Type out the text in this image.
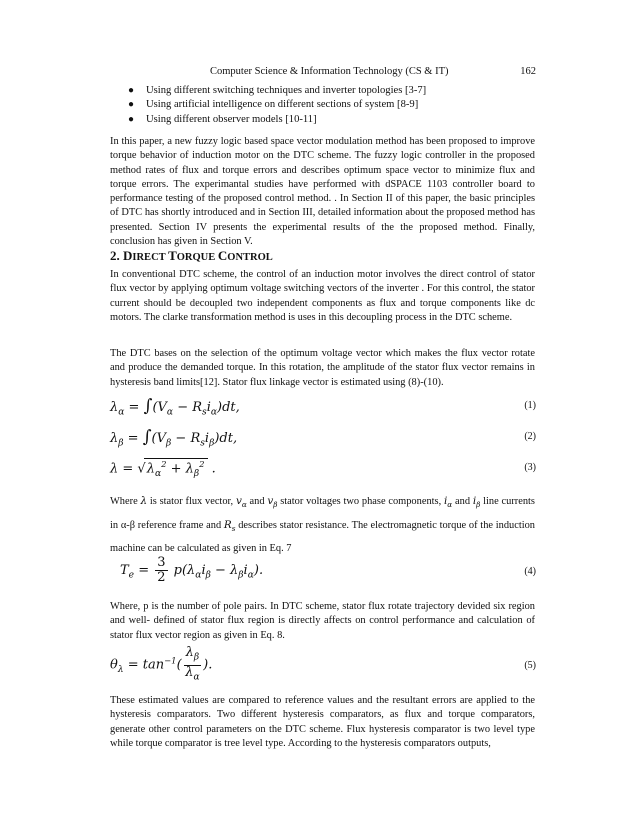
Computer Science & Information Technology (CS & IT)	162
● Using different switching techniques and inverter topologies [3-7]
● Using artificial intelligence on different sections of system [8-9]
● Using different observer models [10-11]

In this paper, a new fuzzy logic based space vector modulation method has been proposed to improve torque behavior of induction motor on the DTC scheme. The fuzzy logic controller in the proposed method rates of flux and torque errors and describes optimum space vector to minimize flux and torque errors. The experimantal studies have performed with dSPACE 1103 controller board to performance testing of the proposed control method. . In Section II of this paper, the basic principles of DTC has shortly introduced and in Section III, detailed information about the proposed method has presented. Section IV presents the experimental results of the the proposed method. Finally, conclusion has given in Section V.

2. DIRECT TORQUE CONTROL

In conventional DTC scheme, the control of an induction motor involves the direct control of stator flux vector by applying optimum voltage switching vectors of the inverter . For this control, the stator current should be decoupled two independent components as flux and torque components like dc motors. The clarke transformation method is uses in this decoupling process in the DTC scheme.

The DTC bases on the selection of the optimum voltage vector which makes the flux vector rotate and produce the demanded torque. In this rotation, the amplitude of the stator flux vector remains in hysteresis band limits[12]. Stator flux linkage vector is estimated using (8)-(10).

$\lambda_\alpha = \int(V_\alpha - R_si_\alpha)dt$,	(1)
$\lambda_\beta = \int(V_\beta - R_si_\beta)dt$,	(2)
$\lambda = √\lambda_\alpha^2 + \lambda_\beta^2$ .	(3)

Where λ is stator flux vector, $v_\alpha$ and $v_\beta$ stator voltages two phase components, $i_\alpha$ and $i_\beta$ line currents in α-β reference frame and $R_s$ describes stator resistance. The electromagnetic torque of the induction machine can be calculated as given in Eq. 7

$T_e = \frac{3}{2} p(\lambda_\alpha i_\beta - \lambda_\beta i_\alpha)$.	(4)

Where, p is the number of pole pairs. In DTC scheme, stator flux rotate trajectory devided six region and well- defined of stator flux region is directly affects on control performance and calculation of stator flux vector region as given in Eq. 8.

$\theta_\lambda = \tan^{-1}( \frac{\lambda_\beta}{\lambda_\alpha}$ ).	(5)

These estimated values are compared to reference values and the resultant errors are applied to the hysteresis comparators. Two different hysteresis comparators, as flux and torque comparators, generate other control parameters on the DTC scheme. Flux hysteresis comparator is two level type while torque comparator is tree level type. According to the hysteresis comparators outputs,
